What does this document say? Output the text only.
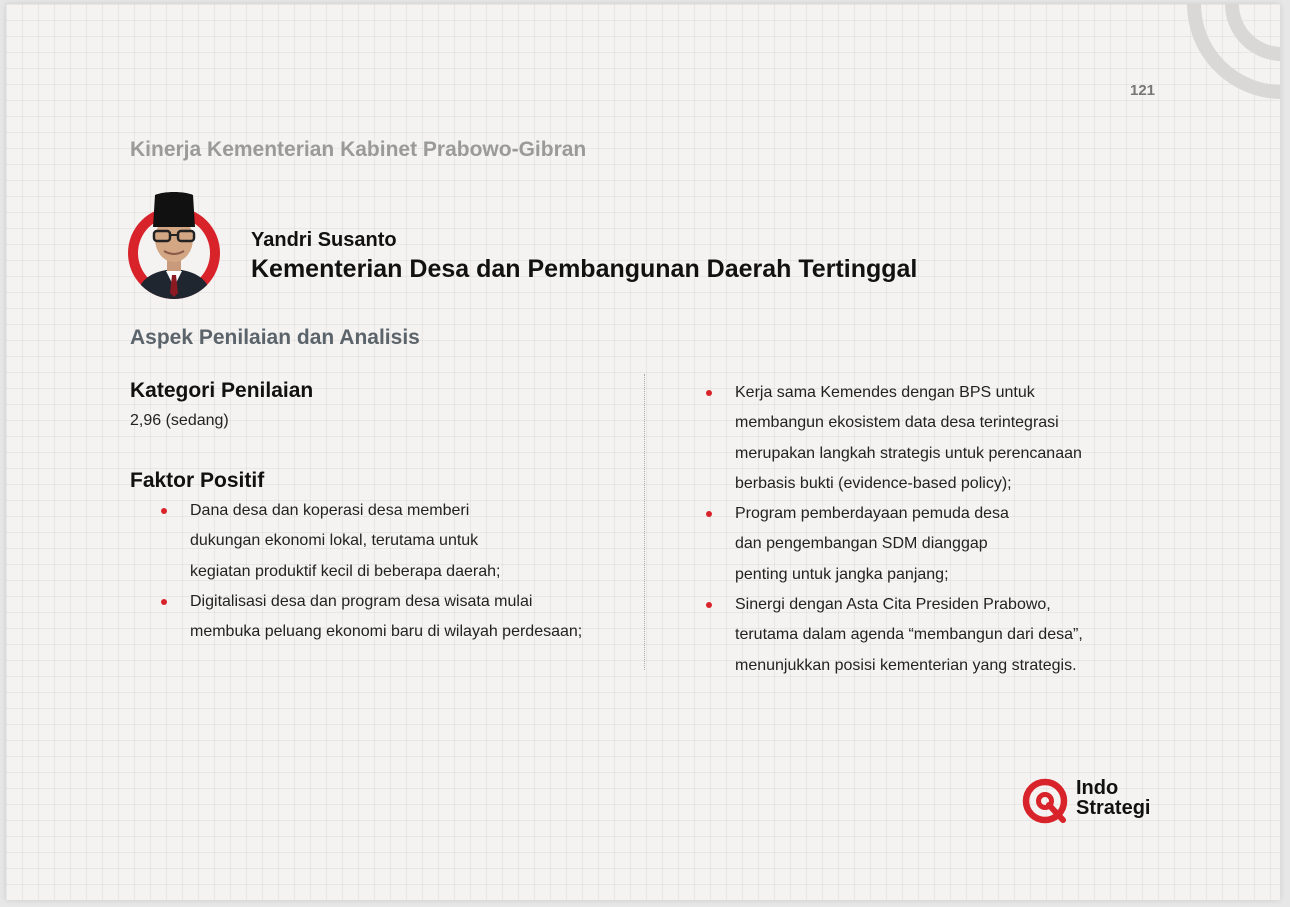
121
Kinerja Kementerian Kabinet Prabowo-Gibran
Yandri Susanto
Kementerian Desa dan Pembangunan Daerah Tertinggal
Aspek Penilaian dan Analisis

Kategori Penilaian

2,96 (sedang)

Faktor Positif

Dana desa dan koperasi desa memberi
dukungan ekonomi lokal, terutama untuk
kegiatan produktif kecil di beberapa daerah;
Digitalisasi desa dan program desa wisata mulai
membuka peluang ekonomi baru di wilayah perdesaan;
Kerja sama Kemendes dengan BPS untuk
membangun ekosistem data desa terintegrasi
merupakan langkah strategis untuk perencanaan
berbasis bukti (evidence-based policy);
Program pemberdayaan pemuda desa
dan pengembangan SDM dianggap
penting untuk jangka panjang;
Sinergi dengan Asta Cita Presiden Prabowo,
terutama dalam agenda “membangun dari desa”,
menunjukkan posisi kementerian yang strategis.
Indo
Strategi
